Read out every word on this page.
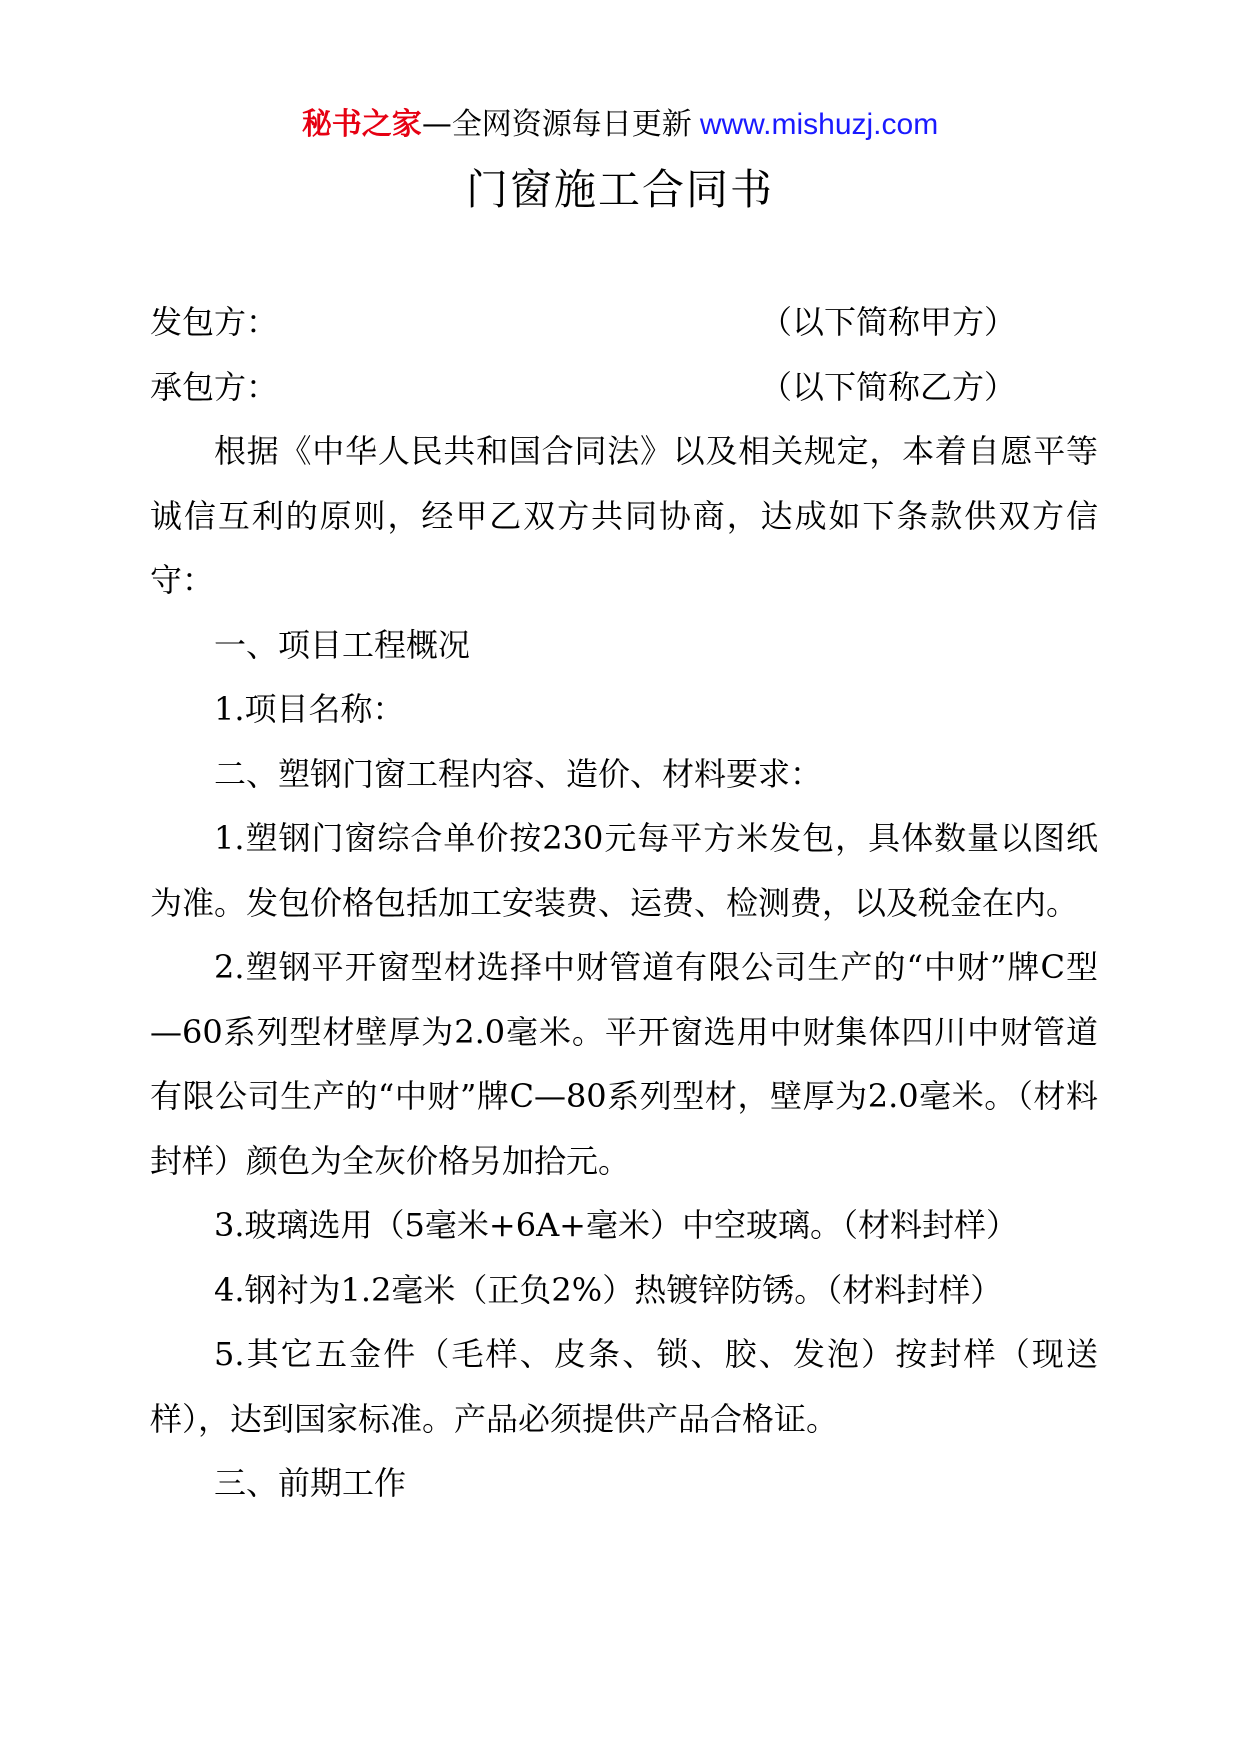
秘书之家—全网资源每日更新 www.mishuzj.com
门窗施工合同书
发包方：	（以下简称甲方）
承包方：	（以下简称乙方）

根据《中华人民共和国合同法》以及相关规定，本着自愿平等诚信互利的原则，经甲乙双方共同协商，达成如下条款供双方信守：

一、项目工程概况

1.项目名称：

二、塑钢门窗工程内容、造价、材料要求：

1.塑钢门窗综合单价按230元每平方米发包，具体数量以图纸为准。发包价格包括加工安装费、运费、检测费，以及税金在内。

2.塑钢平开窗型材选择中财管道有限公司生产的“中财”牌C型—60系列型材壁厚为2.0毫米。平开窗选用中财集体四川中财管道有限公司生产的“中财”牌C—80系列型材，壁厚为2.0毫米。（材料封样）颜色为全灰价格另加拾元。

3.玻璃选用（5毫米+6A+毫米）中空玻璃。（材料封样）

4.钢衬为1.2毫米（正负2%）热镀锌防锈。（材料封样）

5.其它五金件（毛样、皮条、锁、胶、发泡）按封样（现送样），达到国家标准。产品必须提供产品合格证。

三、前期工作
